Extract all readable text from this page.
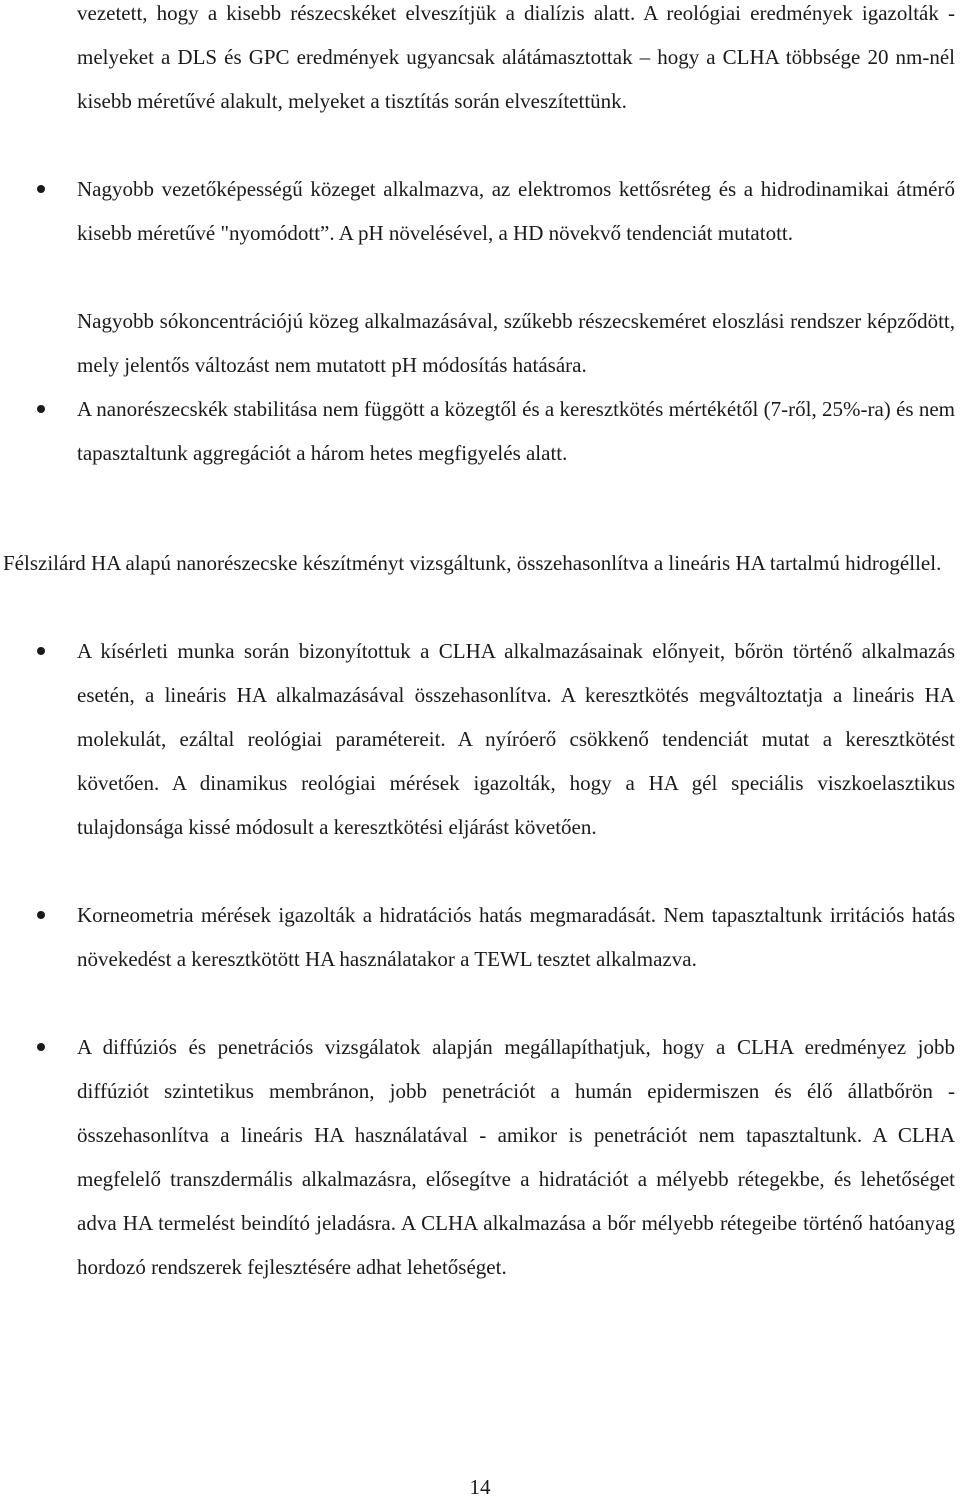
vezetett, hogy a kisebb részecskéket elveszítjük a dialízis alatt. A reológiai eredmények igazolták - melyeket a DLS és GPC eredmények ugyancsak alátámasztottak – hogy a CLHA többsége 20 nm-nél kisebb méretűvé alakult, melyeket a tisztítás során elveszítettünk.

Nagyobb vezetőképességű közeget alkalmazva, az elektromos kettősréteg és a hidrodinamikai átmérő kisebb méretűvé "nyomódott”. A pH növelésével, a HD növekvő tendenciát mutatott.

Nagyobb sókoncentrációjú közeg alkalmazásával, szűkebb részecskeméret eloszlási rendszer képződött, mely jelentős változást nem mutatott pH módosítás hatására.

A nanorészecskék stabilitása nem függött a közegtől és a keresztkötés mértékétől (7-ről, 25%-ra) és nem tapasztaltunk aggregációt a három hetes megfigyelés alatt.

Félszilárd HA alapú nanorészecske készítményt vizsgáltunk, összehasonlítva a lineáris HA tartalmú hidrogéllel.

A kísérleti munka során bizonyítottuk a CLHA alkalmazásainak előnyeit, bőrön történő alkalmazás esetén, a lineáris HA alkalmazásával összehasonlítva. A keresztkötés megváltoztatja a lineáris HA molekulát, ezáltal reológiai paramétereit. A nyíróerő csökkenő tendenciát mutat a keresztkötést követően. A dinamikus reológiai mérések igazolták, hogy a HA gél speciális viszkoelasztikus tulajdonsága kissé módosult a keresztkötési eljárást követően.
Korneometria mérések igazolták a hidratációs hatás megmaradását. Nem tapasztaltunk irritációs hatás növekedést a keresztkötött HA használatakor a TEWL tesztet alkalmazva.
A diffúziós és penetrációs vizsgálatok alapján megállapíthatjuk, hogy a CLHA eredményez jobb diffúziót szintetikus membránon, jobb penetrációt a humán epidermiszen és élő állatbőrön - összehasonlítva a lineáris HA használatával - amikor is penetrációt nem tapasztaltunk. A CLHA megfelelő transzdermális alkalmazásra, elősegítve a hidratációt a mélyebb rétegekbe, és lehetőséget adva HA termelést beindító jeladásra. A CLHA alkalmazása a bőr mélyebb rétegeibe történő hatóanyag hordozó rendszerek fejlesztésére adhat lehetőséget.
14
